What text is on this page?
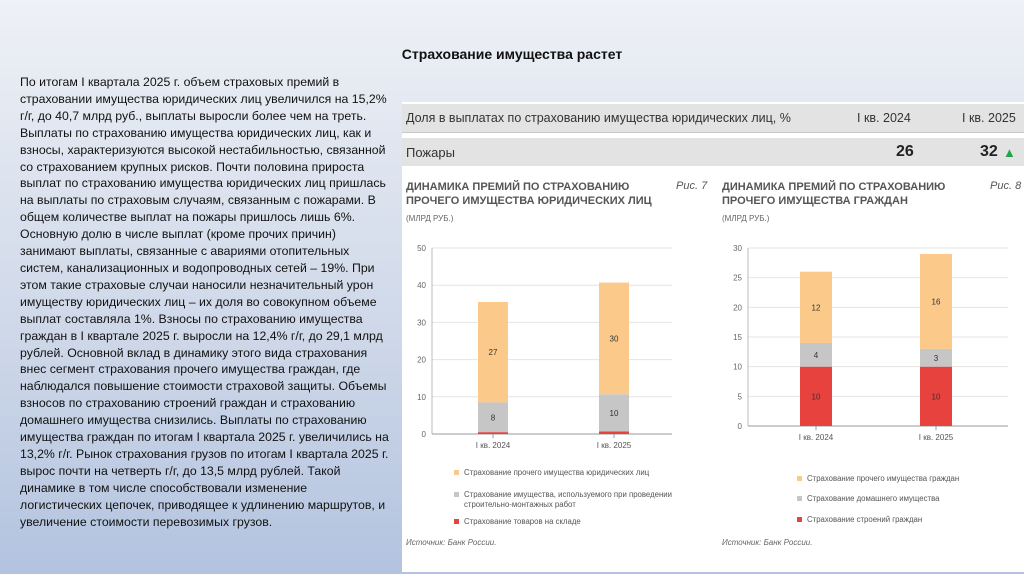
Страхование имущества растет
По итогам I квартала 2025 г. объем страховых премий в страховании имущества юридических лиц увеличился на 15,2% г/г, до 40,7 млрд руб., выплаты выросли более чем на треть. Выплаты по страхованию имущества юридических лиц, как и взносы, характеризуются высокой нестабильностью, связанной со страхованием крупных рисков. Почти половина прироста выплат по страхованию имущества юридических лиц пришлась на выплаты по страховым случаям, связанным с пожарами. В общем количестве выплат на пожары пришлось лишь 6%. Основную долю в числе выплат (кроме прочих причин) занимают выплаты, связанные с авариями отопительных систем, канализационных и водопроводных сетей – 19%. При этом такие страховые случаи наносили незначительный урон имуществу юридических лиц – их доля во совокупном объеме выплат составляла 1%. Взносы по страхованию имущества граждан в I квартале 2025 г. выросли на 12,4% г/г, до 29,1 млрд рублей. Основной вклад в динамику этого вида страхования внес сегмент страхования прочего имущества граждан, где наблюдался повышение стоимости страховой защиты. Объемы взносов по страхованию строений граждан и страхованию домашнего имущества снизились. Выплаты по страхованию имущества граждан по итогам I квартала 2025 г. увеличились на 13,2% г/г. Рынок страхования грузов по итогам I квартала 2025 г. вырос почти на четверть г/г, до 13,5 млрд рублей. Такой динамике в том числе способствовали изменение логистических цепочек, приводящее к удлинению маршрутов, и увеличение стоимости перевозимых грузов.
Доля в выплатах по страхованию имущества юридических лиц, %	I кв. 2024	I кв. 2025
Пожары	26	32 ▲
ДИНАМИКА ПРЕМИЙ ПО СТРАХОВАНИЮ ПРОЧЕГО ИМУЩЕСТВА ЮРИДИЧЕСКИХ ЛИЦ
Рис. 7
(МЛРД РУБ.)
0
10
20
30
40
50
8
27
I кв. 2024
10
30
I кв. 2025
Страхование прочего имущества юридических лиц
Страхование имущества, используемого при проведении строительно-монтажных работ
Страхование товаров на складе
Источник: Банк России.
ДИНАМИКА ПРЕМИЙ ПО СТРАХОВАНИЮ ПРОЧЕГО ИМУЩЕСТВА ГРАЖДАН
Рис. 8
(МЛРД РУБ.)
0
5
10
15
20
25
30
10
4
12
I кв. 2024
10
3
16
I кв. 2025
Страхование прочего имущества граждан
Страхование домашнего имущества
Страхование строений граждан
Источник: Банк России.
